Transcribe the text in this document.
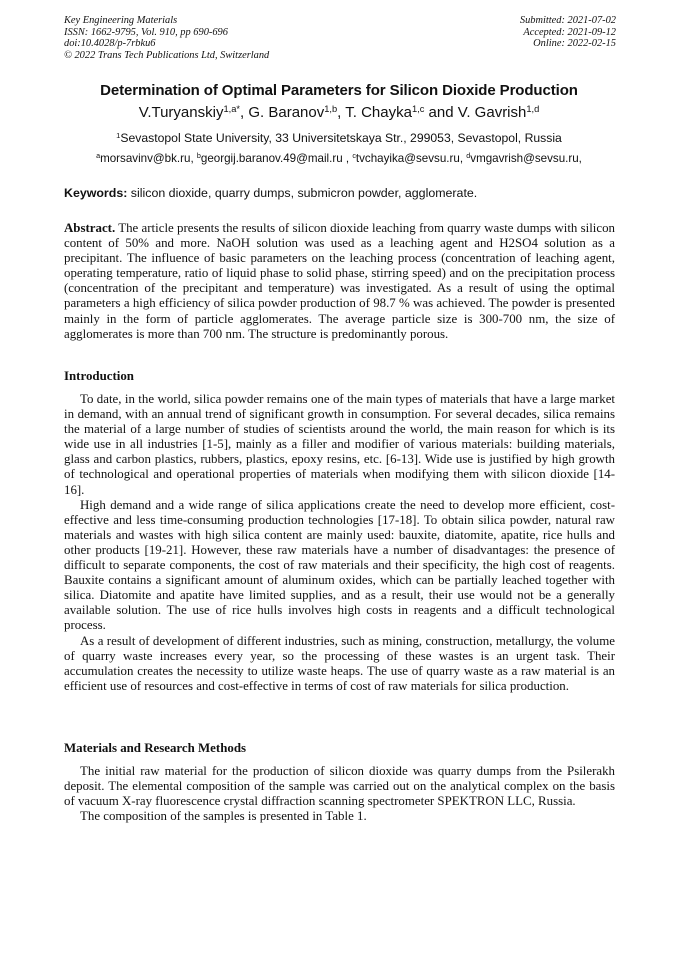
Key Engineering Materials
ISSN: 1662-9795, Vol. 910, pp 690-696
doi:10.4028/p-7rbku6
© 2022 Trans Tech Publications Ltd, Switzerland
Submitted: 2021-07-02
Accepted: 2021-09-12
Online: 2022-02-15
Determination of Optimal Parameters for Silicon Dioxide Production
V.Turyanskiy$^{1,a*}$, G. Baranov$^{1,b}$, T. Chayka$^{1,c}$ and V. Gavrish$^{1,d}$
$^1$Sevastopol State University, 33 Universitetskaya Str., 299053, Sevastopol, Russia
$^a$morsavinv@bk.ru, $^b$georgij.baranov.49@mail.ru , $^c$tvchayika@sevsu.ru, $^d$vmgavrish@sevsu.ru,
Keywords: silicon dioxide, quarry dumps, submicron powder, agglomerate.
Abstract. The article presents the results of silicon dioxide leaching from quarry waste dumps with silicon content of 50% and more. NaOH solution was used as a leaching agent and H2SO4 solution as a precipitant. The influence of basic parameters on the leaching process (concentration of leaching agent, operating temperature, ratio of liquid phase to solid phase, stirring speed) and on the precipitation process (concentration of the precipitant and temperature) was investigated. As a result of using the optimal parameters a high efficiency of silica powder production of 98.7 % was achieved. The powder is presented mainly in the form of particle agglomerates. The average particle size is 300-700 nm, the size of agglomerates is more than 700 nm. The structure is predominantly porous.
Introduction

To date, in the world, silica powder remains one of the main types of materials that have a large market in demand, with an annual trend of significant growth in consumption. For several decades, silica remains the material of a large number of studies of scientists around the world, the main reason for which is its wide use in all industries [1-5], mainly as a filler and modifier of various materials: building materials, glass and carbon plastics, rubbers, plastics, epoxy resins, etc. [6-13]. Wide use is justified by high growth of technological and operational properties of materials when modifying them with silicon dioxide [14-16].

High demand and a wide range of silica applications create the need to develop more efficient, cost-effective and less time-consuming production technologies [17-18]. To obtain silica powder, natural raw materials and wastes with high silica content are mainly used: bauxite, diatomite, apatite, rice hulls and other products [19-21]. However, these raw materials have a number of disadvantages: the presence of difficult to separate components, the cost of raw materials and their specificity, the high cost of reagents. Bauxite contains a significant amount of aluminum oxides, which can be partially leached together with silica. Diatomite and apatite have limited supplies, and as a result, their use would not be a generally available solution. The use of rice hulls involves high costs in reagents and a difficult technological process.

As a result of development of different industries, such as mining, construction, metallurgy, the volume of quarry waste increases every year, so the processing of these wastes is an urgent task. Their accumulation creates the necessity to utilize waste heaps. The use of quarry waste as a raw material is an efficient use of resources and cost-effective in terms of cost of raw materials for silica production.

Materials and Research Methods

The initial raw material for the production of silicon dioxide was quarry dumps from the Psilerakh deposit. The elemental composition of the sample was carried out on the analytical complex on the basis of vacuum X-ray fluorescence crystal diffraction scanning spectrometer SPEKTRON LLC, Russia.

The composition of the samples is presented in Table 1.
